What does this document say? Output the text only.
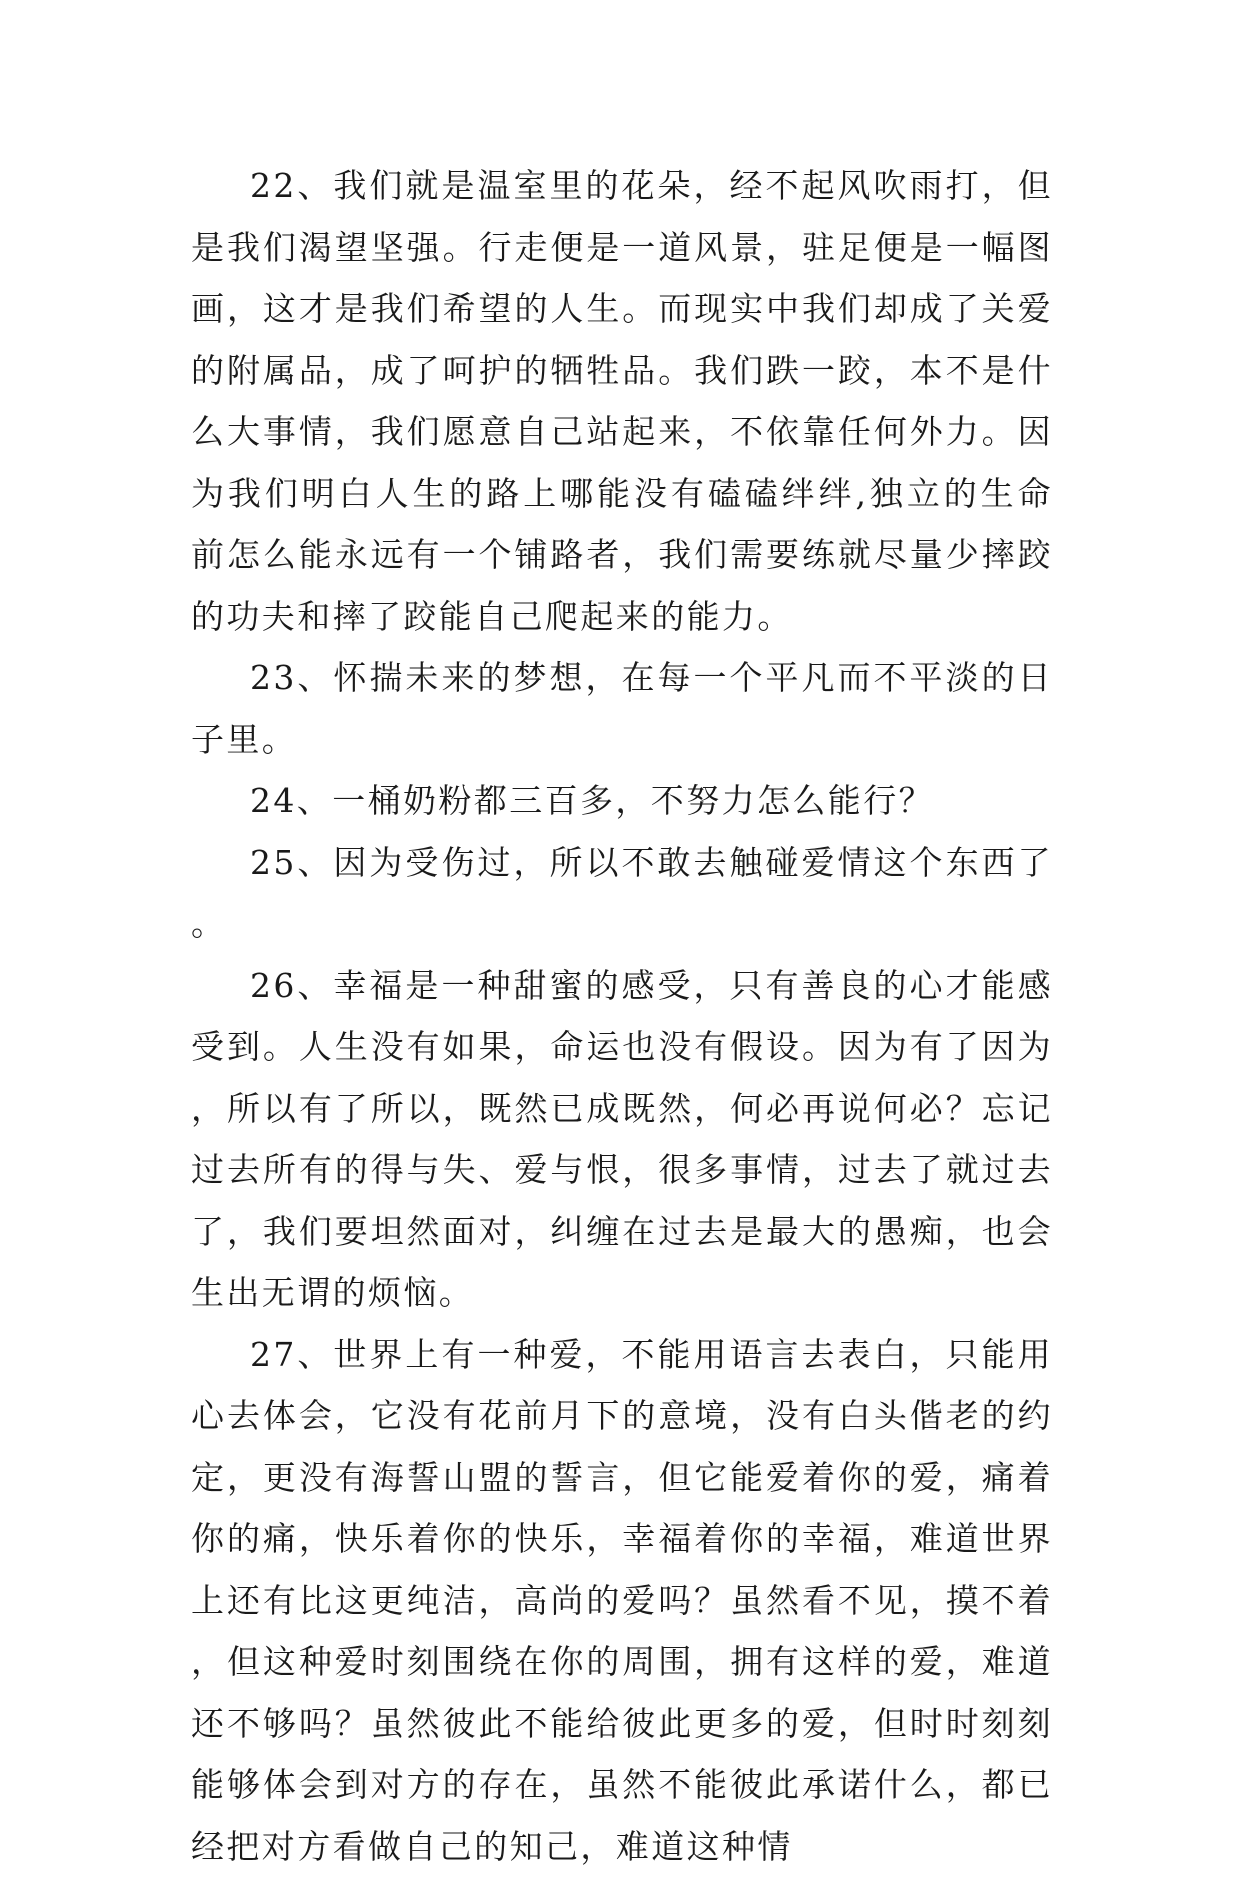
22、我们就是温室里的花朵，经不起风吹雨打，但是我们渴望坚强。行走便是一道风景，驻足便是一幅图画，这才是我们希望的人生。而现实中我们却成了关爱的附属品，成了呵护的牺牲品。我们跌一跤，本不是什么大事情，我们愿意自己站起来，不依靠任何外力。因为我们明白人生的路上哪能没有磕磕绊绊,独立的生命前怎么能永远有一个铺路者，我们需要练就尽量少摔跤的功夫和摔了跤能自己爬起来的能力。

23、怀揣未来的梦想，在每一个平凡而不平淡的日子里。

24、一桶奶粉都三百多，不努力怎么能行？

25、因为受伤过，所以不敢去触碰爱情这个东西了。

26、幸福是一种甜蜜的感受，只有善良的心才能感受到。人生没有如果，命运也没有假设。因为有了因为，所以有了所以，既然已成既然，何必再说何必？忘记过去所有的得与失、爱与恨，很多事情，过去了就过去了，我们要坦然面对，纠缠在过去是最大的愚痴，也会生出无谓的烦恼。

27、世界上有一种爱，不能用语言去表白，只能用心去体会，它没有花前月下的意境，没有白头偕老的约定，更没有海誓山盟的誓言，但它能爱着你的爱，痛着你的痛，快乐着你的快乐，幸福着你的幸福，难道世界上还有比这更纯洁，高尚的爱吗？虽然看不见，摸不着，但这种爱时刻围绕在你的周围，拥有这样的爱，难道还不够吗？虽然彼此不能给彼此更多的爱，但时时刻刻能够体会到对方的存在，虽然不能彼此承诺什么，都已经把对方看做自己的知己，难道这种情
